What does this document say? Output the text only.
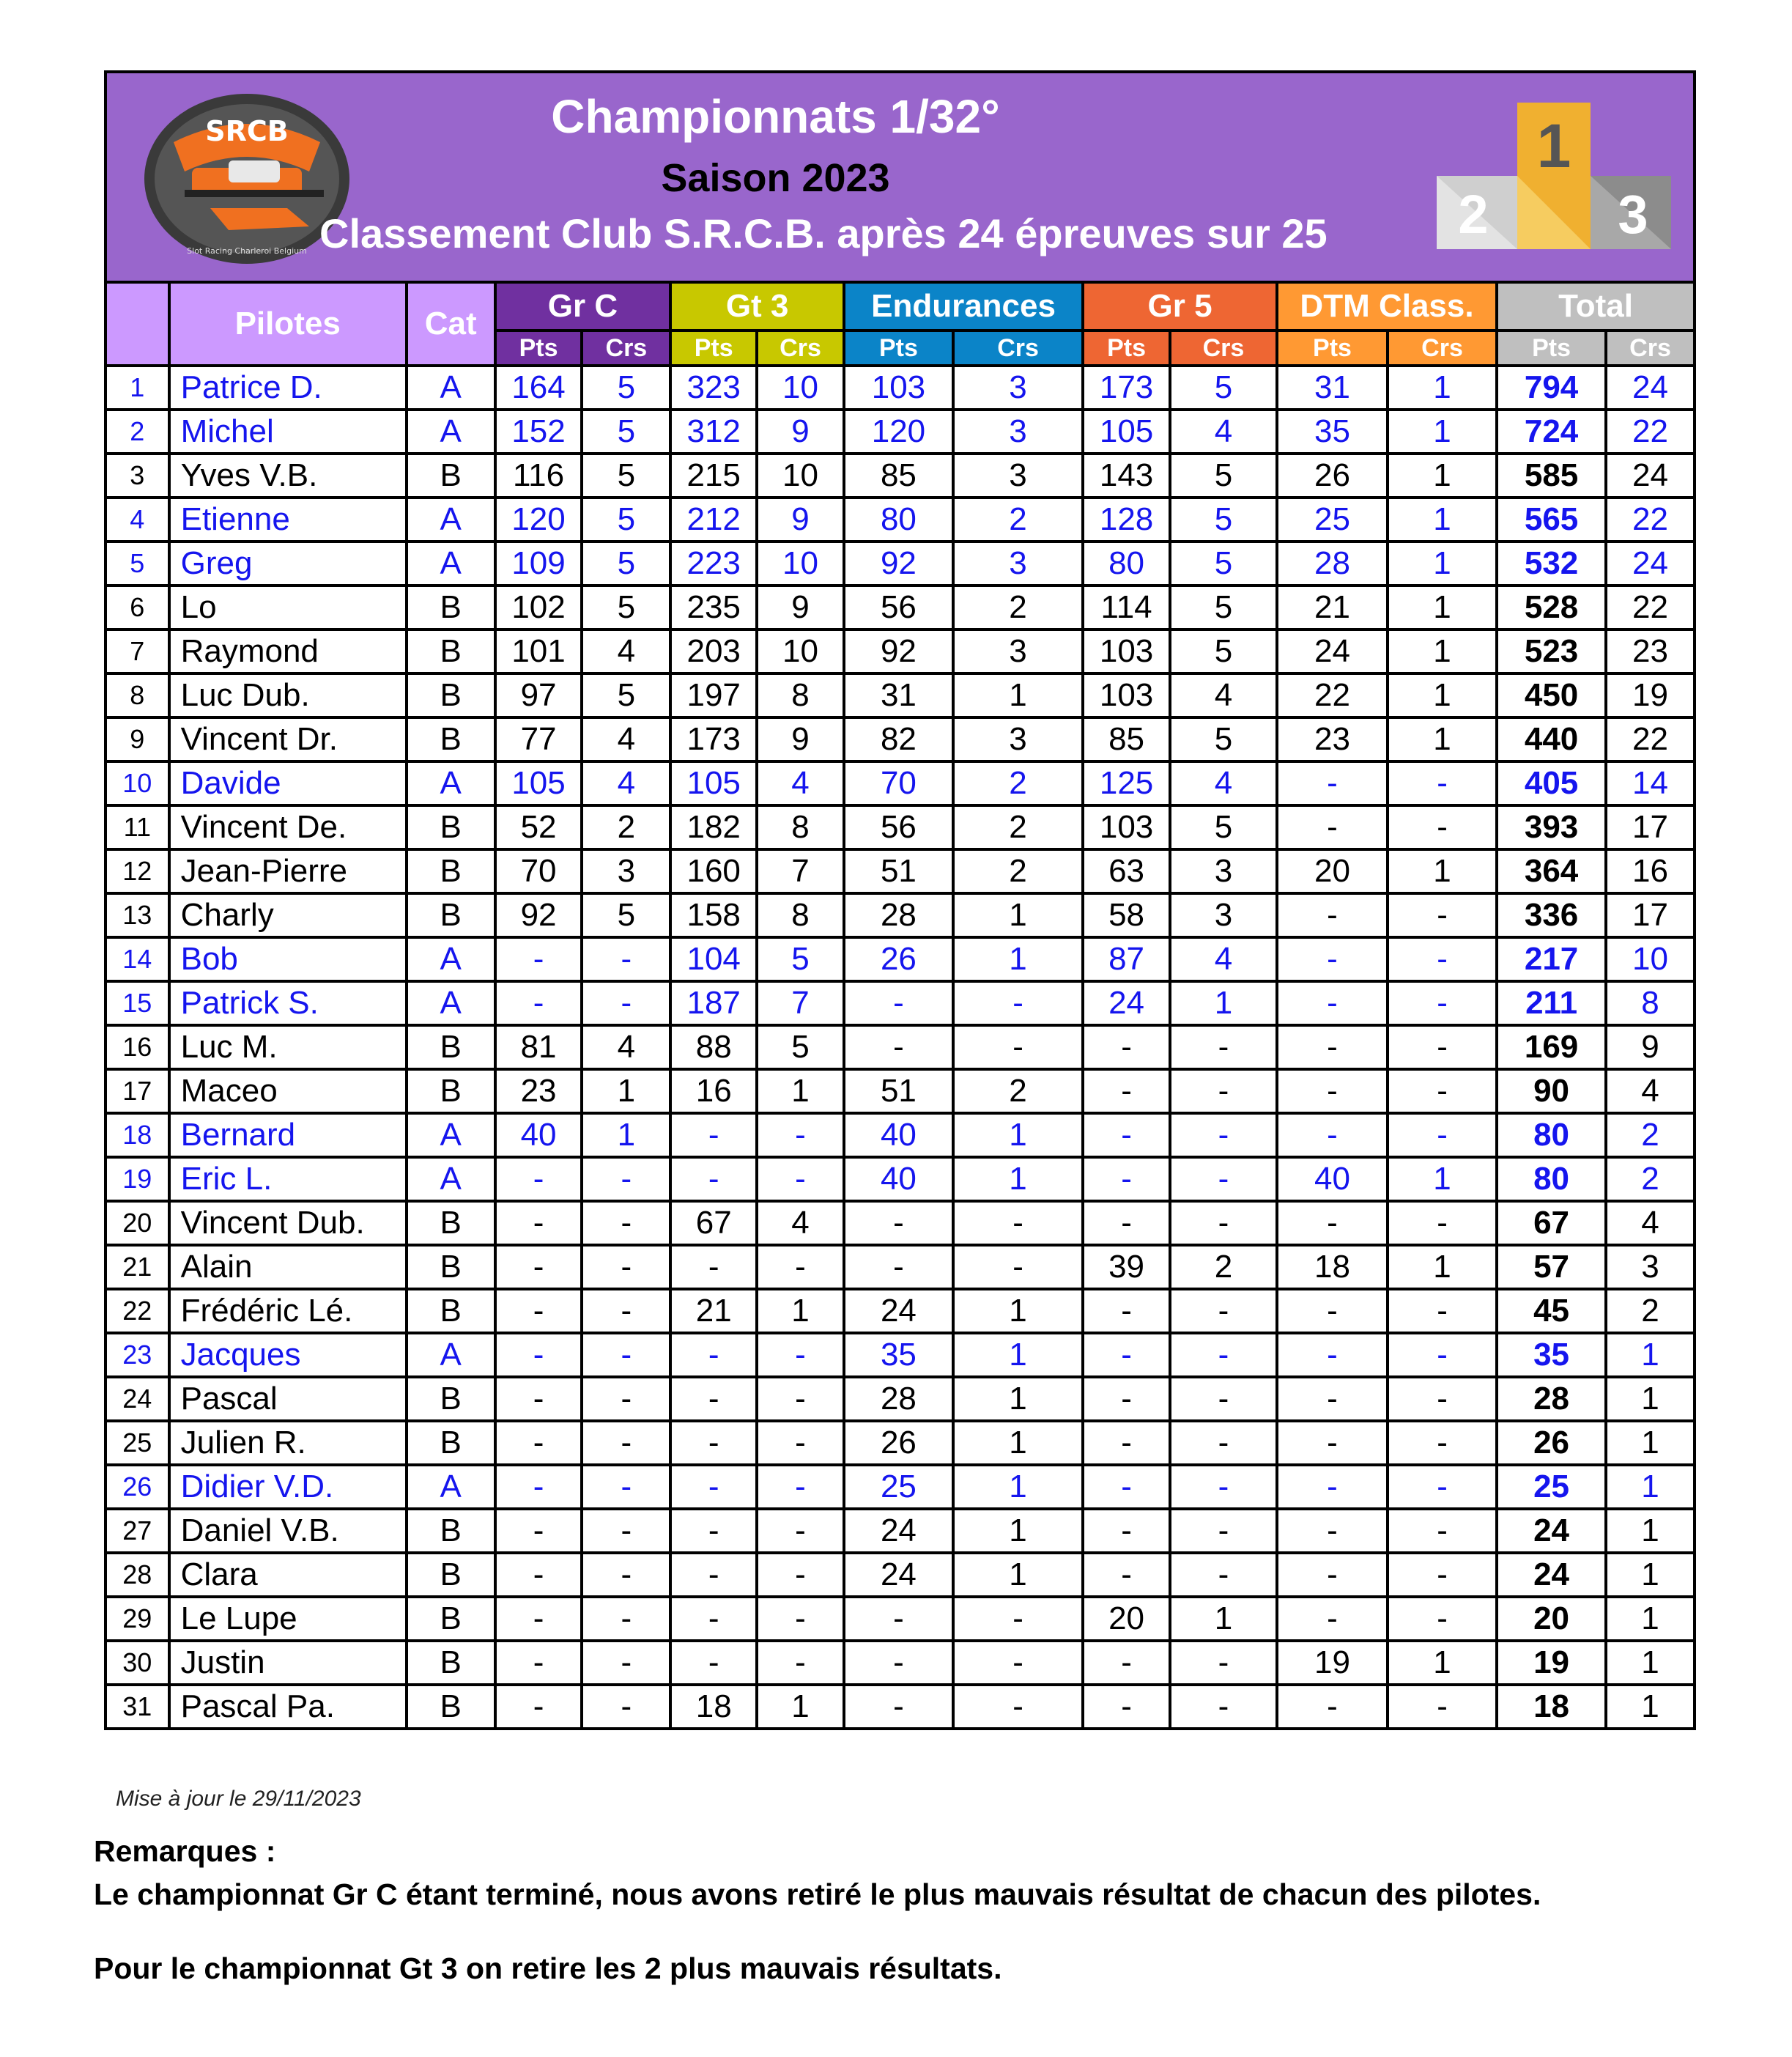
SRCB
Slot Racing Charleroi Belgium
Championnats 1/32°
Saison 2023
Classement Club S.R.C.B. après 24 épreuves sur 25	2
1
3
	Pilotes	Cat	Gr C		Gt 3		Endurances		Gr 5		DTM Class.		Total	
			Pts	Crs	Pts	Crs	Pts	Crs	Pts	Crs	Pts	Crs	Pts	Crs
1	Patrice D.	A	164	5	323	10	103	3	173	5	31	1	794	24
2	Michel	A	152	5	312	9	120	3	105	4	35	1	724	22
3	Yves V.B.	B	116	5	215	10	85	3	143	5	26	1	585	24
4	Etienne	A	120	5	212	9	80	2	128	5	25	1	565	22
5	Greg	A	109	5	223	10	92	3	80	5	28	1	532	24
6	Lo	B	102	5	235	9	56	2	114	5	21	1	528	22
7	Raymond	B	101	4	203	10	92	3	103	5	24	1	523	23
8	Luc Dub.	B	97	5	197	8	31	1	103	4	22	1	450	19
9	Vincent Dr.	B	77	4	173	9	82	3	85	5	23	1	440	22
10	Davide	A	105	4	105	4	70	2	125	4	-	-	405	14
11	Vincent De.	B	52	2	182	8	56	2	103	5	-	-	393	17
12	Jean-Pierre	B	70	3	160	7	51	2	63	3	20	1	364	16
13	Charly	B	92	5	158	8	28	1	58	3	-	-	336	17
14	Bob	A	-	-	104	5	26	1	87	4	-	-	217	10
15	Patrick S.	A	-	-	187	7	-	-	24	1	-	-	211	8
16	Luc M.	B	81	4	88	5	-	-	-	-	-	-	169	9
17	Maceo	B	23	1	16	1	51	2	-	-	-	-	90	4
18	Bernard	A	40	1	-	-	40	1	-	-	-	-	80	2
19	Eric L.	A	-	-	-	-	40	1	-	-	40	1	80	2
20	Vincent Dub.	B	-	-	67	4	-	-	-	-	-	-	67	4
21	Alain	B	-	-	-	-	-	-	39	2	18	1	57	3
22	Frédéric Lé.	B	-	-	21	1	24	1	-	-	-	-	45	2
23	Jacques	A	-	-	-	-	35	1	-	-	-	-	35	1
24	Pascal	B	-	-	-	-	28	1	-	-	-	-	28	1
25	Julien R.	B	-	-	-	-	26	1	-	-	-	-	26	1
26	Didier V.D.	A	-	-	-	-	25	1	-	-	-	-	25	1
27	Daniel V.B.	B	-	-	-	-	24	1	-	-	-	-	24	1
28	Clara	B	-	-	-	-	24	1	-	-	-	-	24	1
29	Le Lupe	B	-	-	-	-	-	-	20	1	-	-	20	1
30	Justin	B	-	-	-	-	-	-	-	-	19	1	19	1
31	Pascal Pa.	B	-	-	18	1	-	-	-	-	-	-	18	1
Mise à jour le 29/11/2023

Remarques :

Le championnat Gr C étant terminé, nous avons retiré le plus mauvais résultat de chacun des pilotes.

Pour le championnat Gt 3 on retire les 2 plus mauvais résultats.
